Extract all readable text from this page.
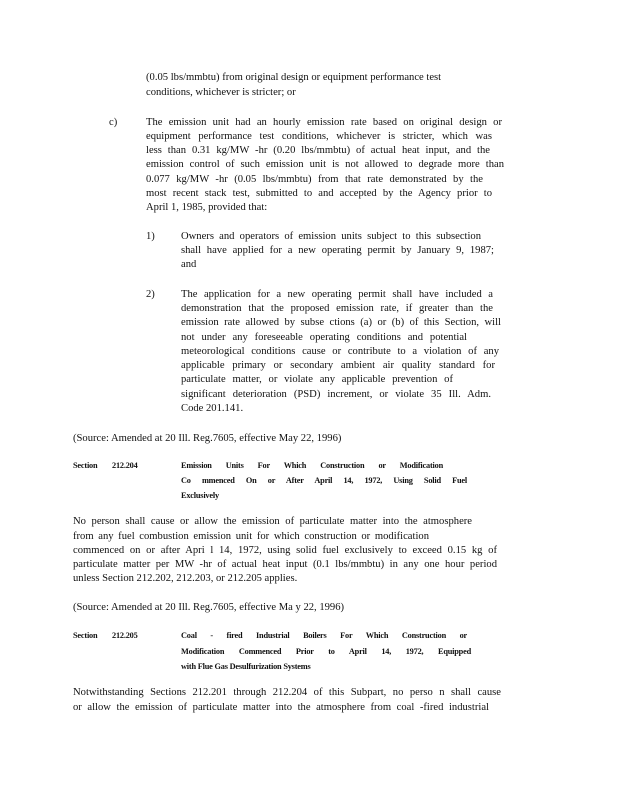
(0.05 lbs/mmbtu) from original design or equipment performance test
conditions, whichever is stricter; or
c)	The emission unit had an hourly emission rate based on original design or
equipment performance test conditions, whichever is stricter, which was
less than 0.31 kg/MW -hr (0.20 lbs/mmbtu) of actual heat input, and the
emission control of such emission unit is not allowed to degrade more than
0.077 kg/MW -hr (0.05 lbs/mmbtu) from that rate demonstrated by the
most recent stack test, submitted to and accepted by the Agency prior to
April 1, 1985, provided that:
1) Owners and operators of emission units subject to this subsection
shall have applied for a new operating permit by January 9, 1987;
and
2) The application for a new operating permit shall have included a
demonstration that the proposed emission rate, if greater than the
emission rate allowed by subse ctions (a) or (b) of this Section, will
not under any foreseeable operating conditions and potential
meteorological conditions cause or contribute to a violation of any
applicable primary or secondary ambient air quality standard for
particulate matter, or violate any applicable prevention of
significant deterioration (PSD) increment, or violate 35 Ill. Adm.
Code 201.141.
(Source: Amended at 20 Ill. Reg.7605, effective May 22, 1996)
Section 212.204	Emission Units For Which Construction or Modification
Co mmenced On or After April 14, 1972, Using Solid Fuel
Exclusively
No person shall cause or allow the emission of particulate matter into the atmosphere
from any fuel combustion emission unit for which construction or modification
commenced on or after Apri l 14, 1972, using solid fuel exclusively to exceed 0.15 kg of
particulate matter per MW -hr of actual heat input (0.1 lbs/mmbtu) in any one hour period
unless Section 212.202, 212.203, or 212.205 applies.
(Source: Amended at 20 Ill. Reg.7605, effective Ma y 22, 1996)
Section 212.205	Coal - fired Industrial Boilers For Which Construction or
Modification Commenced Prior to April 14, 1972, Equipped
with Flue Gas Desulfurization Systems
Notwithstanding Sections 212.201 through 212.204 of this Subpart, no perso n shall cause
or allow the emission of particulate matter into the atmosphere from coal -fired industrial
